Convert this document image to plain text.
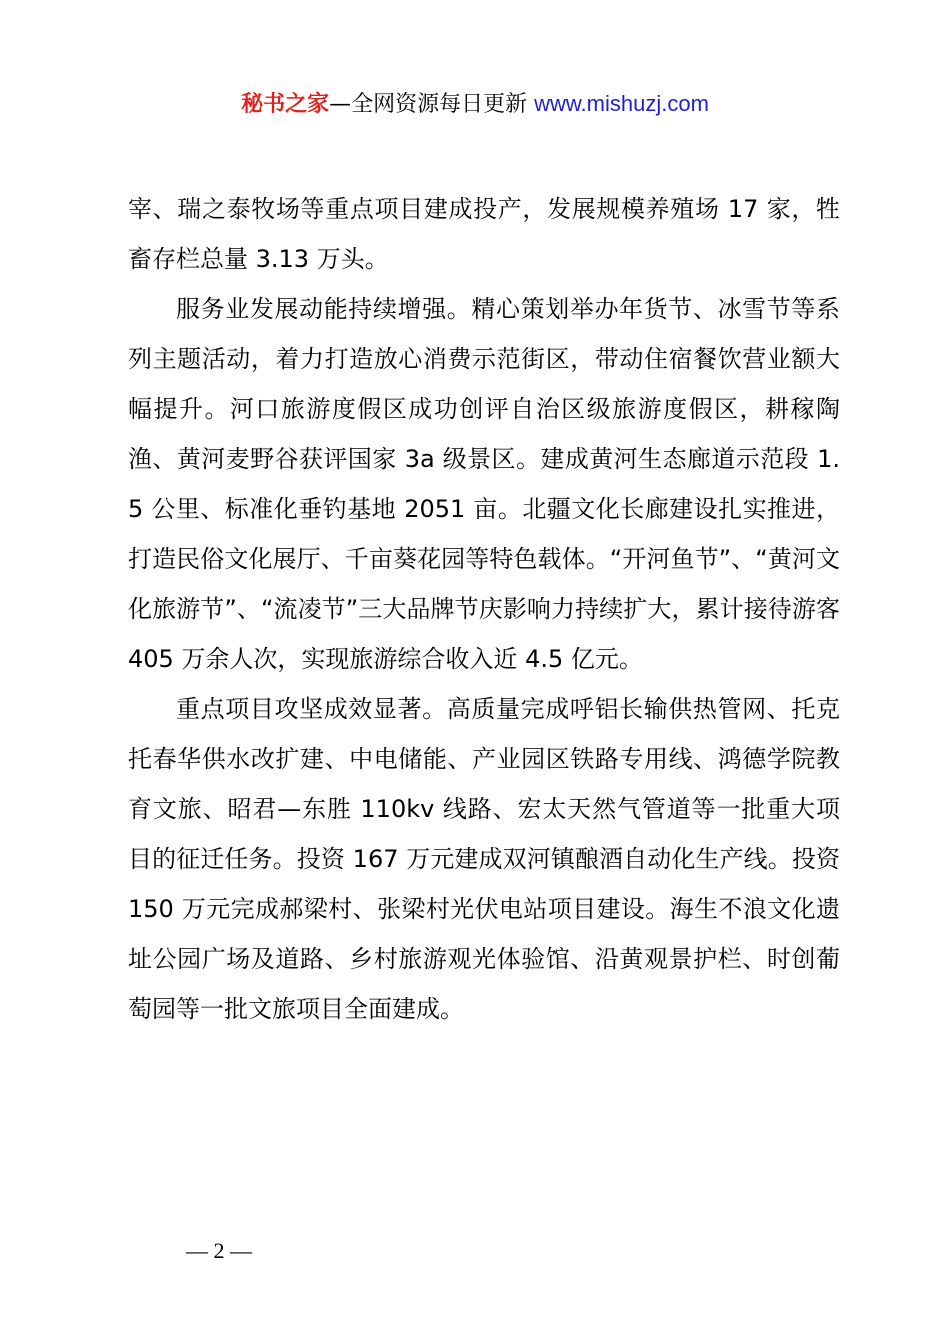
秘书之家—全网资源每日更新 www.mishuzj.com

宰、瑞之泰牧场等重点项目建成投产，发展规模养殖场 17 家，牲畜存栏总量 3.13 万头。

服务业发展动能持续增强。精心策划举办年货节、冰雪节等系列主题活动，着力打造放心消费示范街区，带动住宿餐饮营业额大幅提升。河口旅游度假区成功创评自治区级旅游度假区，耕稼陶渔、黄河麦野谷获评国家 3a 级景区。建成黄河生态廊道示范段 1.5 公里、标准化垂钓基地 2051 亩。北疆文化长廊建设扎实推进，打造民俗文化展厅、千亩葵花园等特色载体。“开河鱼节”、“黄河文化旅游节”、“流凌节”三大品牌节庆影响力持续扩大，累计接待游客 405 万余人次，实现旅游综合收入近 4.5 亿元。

重点项目攻坚成效显著。高质量完成呼铝长输供热管网、托克托春华供水改扩建、中电储能、产业园区铁路专用线、鸿德学院教育文旅、昭君—东胜 110kv 线路、宏太天然气管道等一批重大项目的征迁任务。投资 167 万元建成双河镇酿酒自动化生产线。投资 150 万元完成郝梁村、张梁村光伏电站项目建设。海生不浪文化遗址公园广场及道路、乡村旅游观光体验馆、沿黄观景护栏、时创葡萄园等一批文旅项目全面建成。

— 2 —
